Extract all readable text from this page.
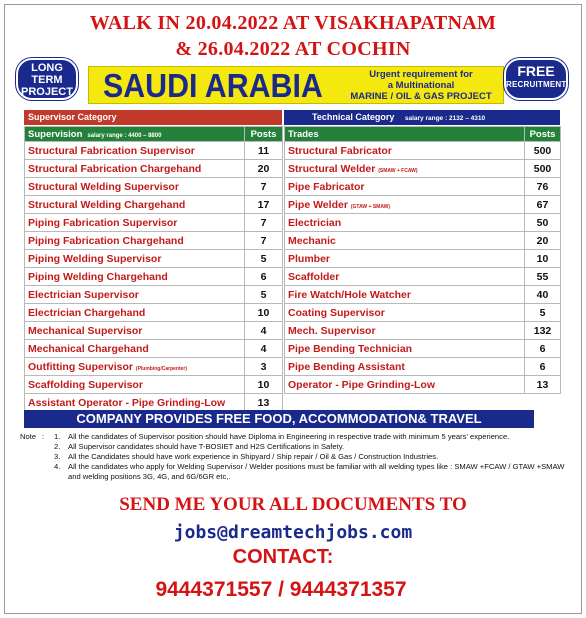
WALK IN 20.04.2022 AT VISAKHAPATNAM
& 26.04.2022 AT COCHIN
LONG
TERM
PROJECT SAUDI ARABIA	Urgent requirement for
a Multinational
MARINE / OIL & GAS PROJECT
FREE
RECRUITMENT
Supervisor Category	Technical Category salary range : 2132 – 4310
Supervision salary range : 4400 – 8800	Posts
Structural Fabrication Supervisor	11
Structural Fabrication Chargehand	20
Structural Welding Supervisor	7
Structural Welding Chargehand	17
Piping Fabrication Supervisor	7
Piping Fabrication Chargehand	7
Piping Welding Supervisor	5
Piping Welding Chargehand	6
Electrician Supervisor	5
Electrician Chargehand	10
Mechanical Supervisor	4
Mechanical Chargehand	4
Outfitting Supervisor (Plumbing/Carpenter)	3
Scaffolding Supervisor	10
Assistant Operator - Pipe Grinding-Low	13
Trades	Posts
Structural Fabricator	500
Structural Welder (SMAW + FCAW)	500
Pipe Fabricator	76
Pipe Welder (GTAW + SMAW)	67
Electrician	50
Mechanic	20
Plumber	10
Scaffolder	55
Fire Watch/Hole Watcher	40
Coating Supervisor	5
Mech. Supervisor	132
Pipe Bending Technician	6
Pipe Bending Assistant	6
Operator - Pipe Grinding-Low	13
COMPANY PROVIDES FREE FOOD, ACCOMMODATION& TRAVEL
Note : 1. All the candidates of Supervisor position should have Diploma in Engineering in respective trade with minimum 5 years' experience.
2. All Supervisor candidates should have T-BOSIET and H2S Certifications in Safety.
3. All the Candidates should have work experience in Shipyard / Ship repair / Oil & Gas / Construction Industries.
4. All the candidates who apply for Welding Supervisor / Welder positions must be familiar with all welding types like : SMAW +FCAW / GTAW +SMAW and welding positions 3G, 4G, and 6G/6GR etc,.
SEND ME YOUR ALL DOCUMENTS TO
jobs@dreamtechjobs.com
CONTACT:
9444371557 / 9444371357
